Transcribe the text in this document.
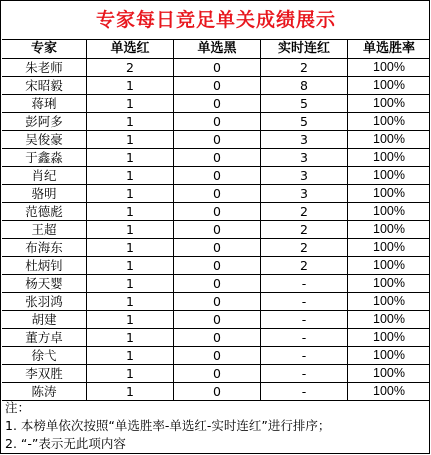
专家每日竞足单关成绩展示
专家	单选红	单选黑	实时连红	单选胜率
朱老师	2	0	2	100%
宋昭毅	1	0	8	100%
蒋琍	1	0	5	100%
彭阿多	1	0	5	100%
吴俊豪	1	0	3	100%
于鑫淼	1	0	3	100%
肖纪	1	0	3	100%
骆明	1	0	3	100%
范德彪	1	0	2	100%
王超	1	0	2	100%
布海东	1	0	2	100%
杜炳钊	1	0	2	100%
杨天婴	1	0	-	100%
张羽鸿	1	0	-	100%
胡建	1	0	-	100%
董方卓	1	0	-	100%
徐弋	1	0	-	100%
李双胜	1	0	-	100%
陈涛	1	0	-	100%
注：
1. 本榜单依次按照“单选胜率-单选红-实时连红”进行排序；
2. “-”表示无此项内容
